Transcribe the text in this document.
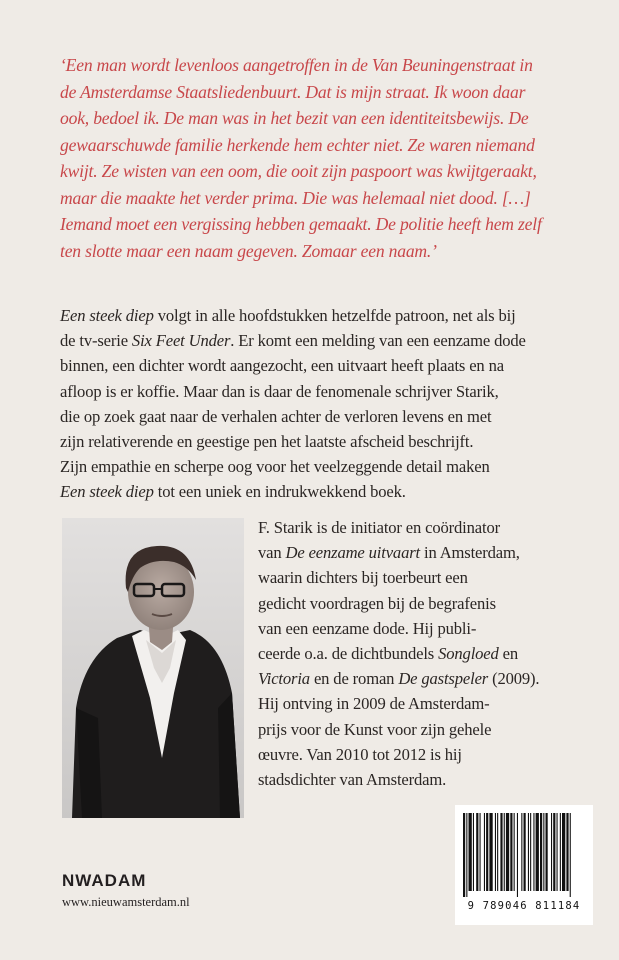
‘Een man wordt levenloos aangetroffen in de Van Beuningenstraat in
de Amsterdamse Staatsliedenbuurt. Dat is mijn straat. Ik woon daar
ook, bedoel ik. De man was in het bezit van een identiteitsbewijs. De
gewaarschuwde familie herkende hem echter niet. Ze waren niemand
kwijt. Ze wisten van een oom, die ooit zijn paspoort was kwijtgeraakt,
maar die maakte het verder prima. Die was helemaal niet dood. […]
Iemand moet een vergissing hebben gemaakt. De politie heeft hem zelf
ten slotte maar een naam gegeven. Zomaar een naam.’
Een steek diep volgt in alle hoofdstukken hetzelfde patroon, net als bij
de tv-serie Six Feet Under. Er komt een melding van een eenzame dode
binnen, een dichter wordt aangezocht, een uitvaart heeft plaats en na
afloop is er koffie. Maar dan is daar de fenomenale schrijver Starik,
die op zoek gaat naar de verhalen achter de verloren levens en met
zijn relativerende en geestige pen het laatste afscheid beschrijft.
Zijn empathie en scherpe oog voor het veelzeggende detail maken
Een steek diep tot een uniek en indrukwekkend boek.
F. Starik is de initiator en coördinator
van De eenzame uitvaart in Amsterdam,
waarin dichters bij toerbeurt een
gedicht voordragen bij de begrafenis
van een eenzame dode. Hij publi-
ceerde o.a. de dichtbundels Songloed en
Victoria en de roman De gastspeler (2009).
Hij ontving in 2009 de Amsterdam-
prijs voor de Kunst voor zijn gehele
œuvre. Van 2010 tot 2012 is hij
stadsdichter van Amsterdam.
NWADAM
www.nieuwamsterdam.nl	9 789046 811184
